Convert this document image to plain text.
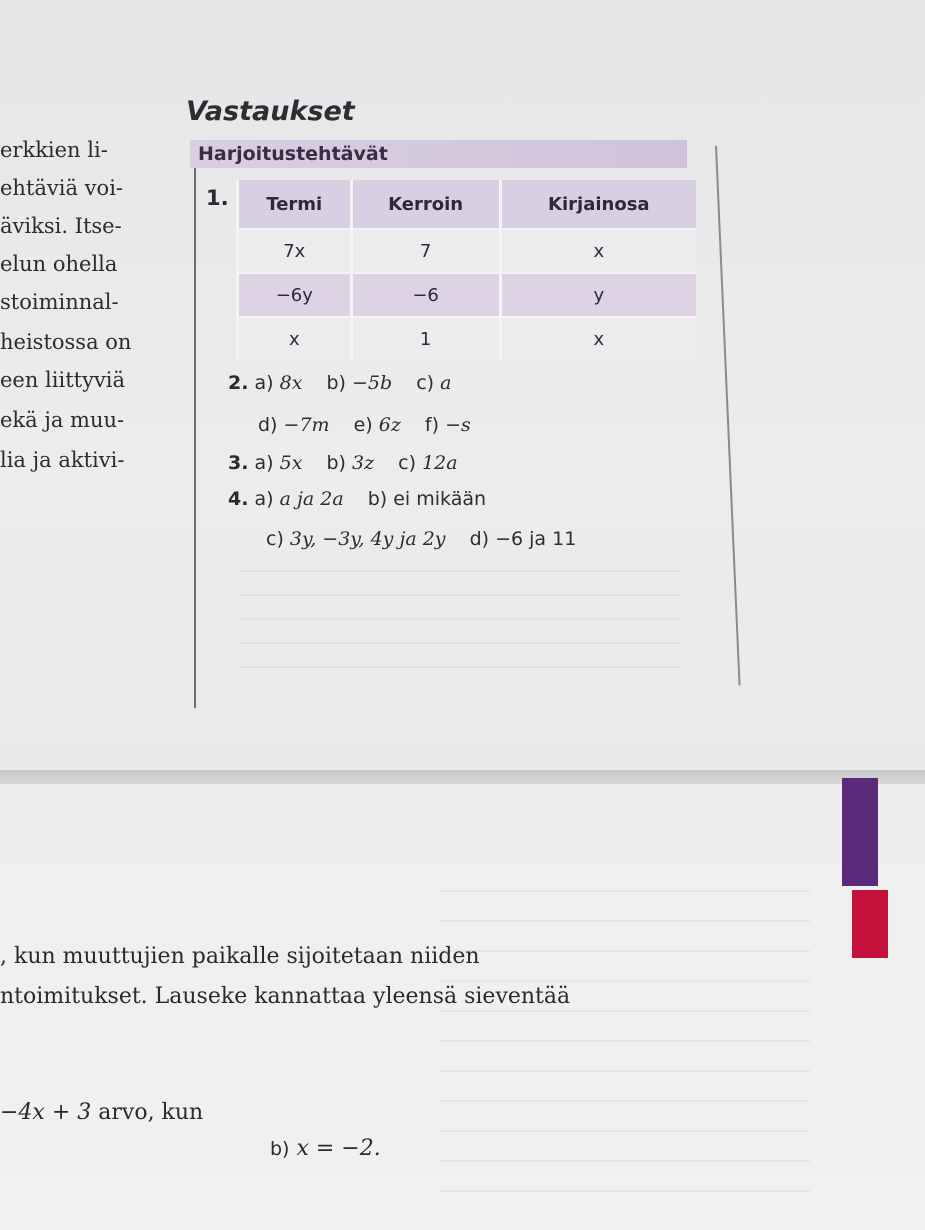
erkkien li-
ehtäviä voi-
äviksi. Itse-
elun ohella
stoiminnal-
heistossa on
een liittyviä
ekä ja muu-
lia ja aktivi-
Vastaukset
Harjoitustehtävät
1. Termi	Kerroin	Kirjainosa
7x	7	x
−6y	−6	y
x	1	x
2. a) 8x b) −5b c) a
d) −7m e) 6z f) −s
3. a) 5x b) 3z c) 12a
4. a) a ja 2a b) ei mikään
c) 3y, −3y, 4y ja 2y d) −6 ja 11
, kun muuttujien paikalle sijoitetaan niiden
ntoimitukset. Lauseke kannattaa yleensä sieventää
−4x + 3 arvo, kun
b) x = −2.
